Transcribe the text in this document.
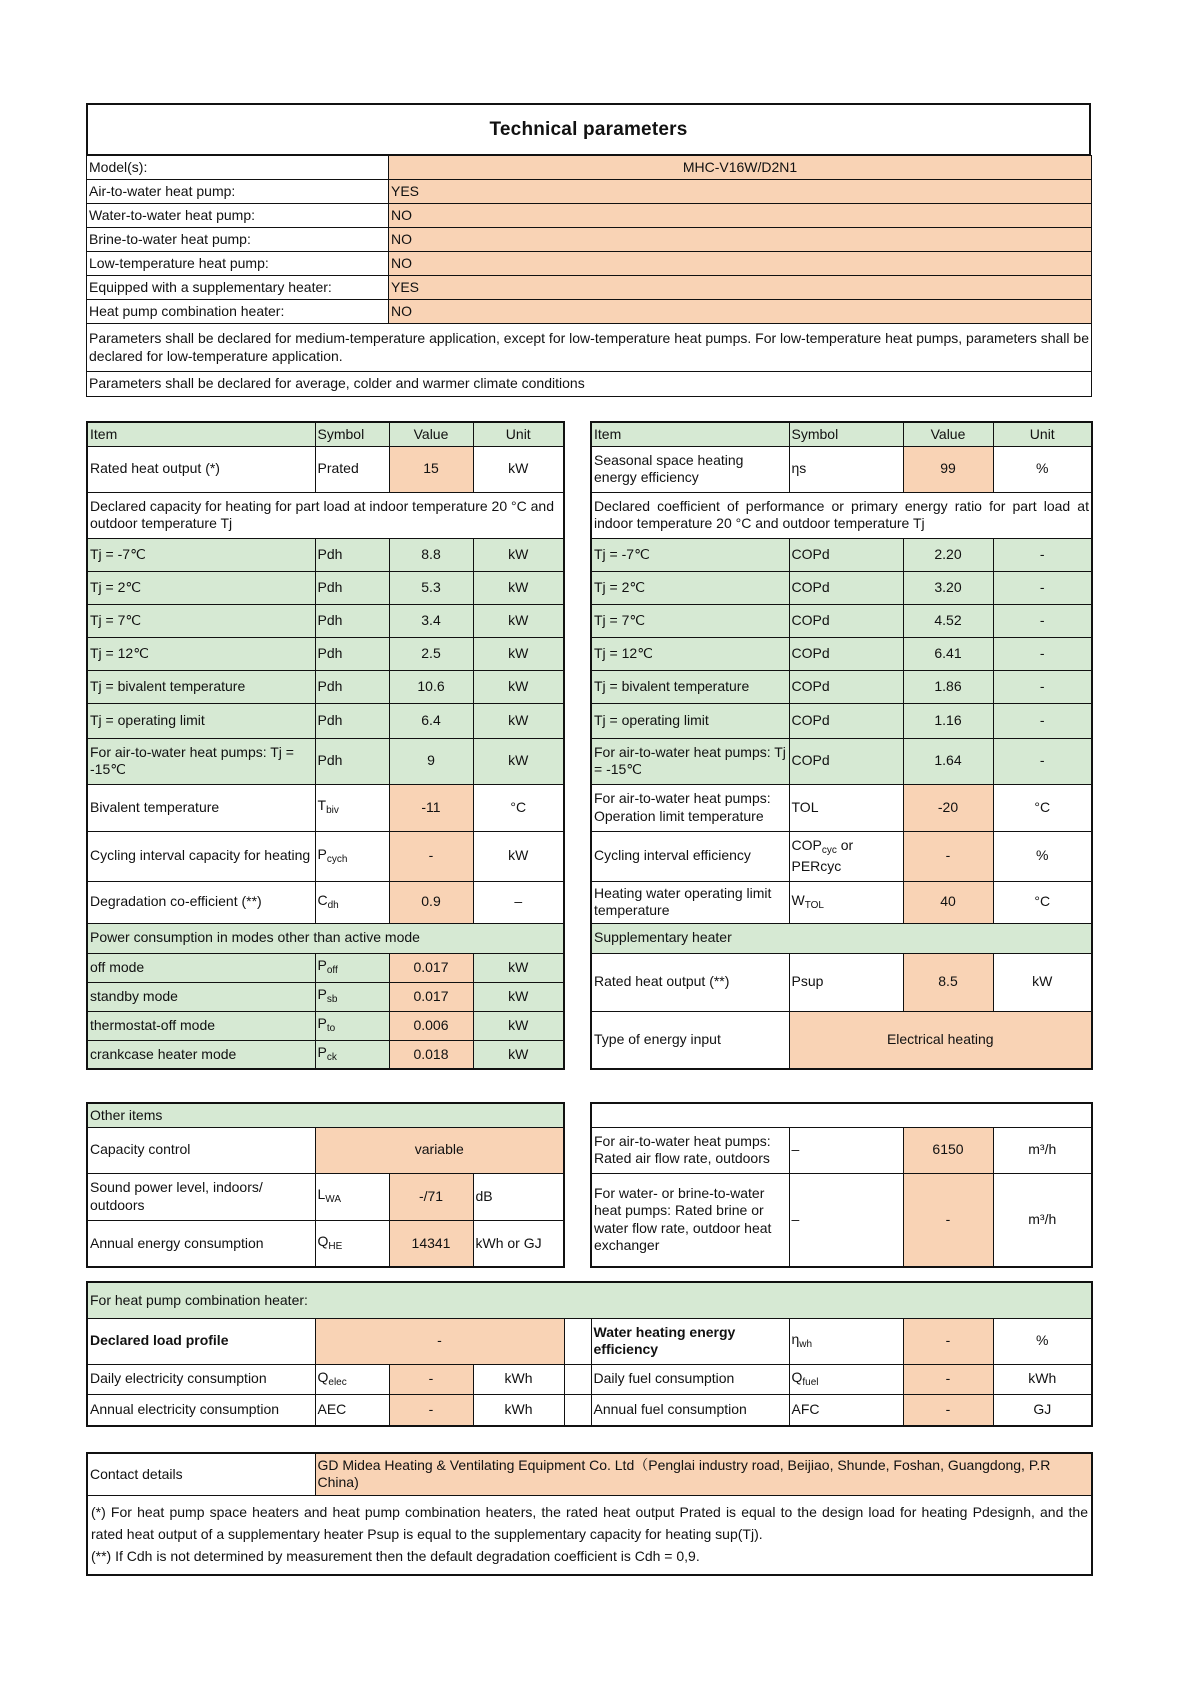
Technical parameters
Model(s):	MHC-V16W/D2N1
Air-to-water heat pump:	YES
Water-to-water heat pump:	NO
Brine-to-water heat pump:	NO
Low-temperature heat pump:	NO
Equipped with a supplementary heater:	YES
Heat pump combination heater:	NO
Parameters shall be declared for medium-temperature application, except for low-temperature heat pumps. For low-temperature heat pumps, parameters shall be declared for low-temperature application.	
Parameters shall be declared for average, colder and warmer climate conditions	
Item	Symbol	Value	Unit
Rated heat output (*)	Prated	15	kW
Declared capacity for heating for part load at indoor temperature 20 °C and outdoor temperature Tj			
Tj = -7℃	Pdh	8.8	kW
Tj = 2℃	Pdh	5.3	kW
Tj = 7℃	Pdh	3.4	kW
Tj = 12℃	Pdh	2.5	kW
Tj = bivalent temperature	Pdh	10.6	kW
Tj = operating limit	Pdh	6.4	kW
For air-to-water heat pumps: Tj = -15℃	Pdh	9	kW
Bivalent temperature	$T_{biv}$	-11	°C
Cycling interval capacity for heating	$P_{cych}$	-	kW
Degradation co-efficient (**)	$C_{dh}$	0.9	–
Power consumption in modes other than active mode			
off mode	$P_{off}$	0.017	kW
standby mode	$P_{sb}$	0.017	kW
thermostat-off mode	$P_{to}$	0.006	kW
crankcase heater mode	$P_{ck}$	0.018	kW
Item	Symbol	Value	Unit
Seasonal space heating energy efficiency	ηs	99	%
Declared coefficient of performance or primary energy ratio for part load at indoor temperature 20 °C and outdoor temperature Tj			
Tj = -7℃	COPd	2.20	-
Tj = 2℃	COPd	3.20	-
Tj = 7℃	COPd	4.52	-
Tj = 12℃	COPd	6.41	-
Tj = bivalent temperature	COPd	1.86	-
Tj = operating limit	COPd	1.16	-
For air-to-water heat pumps: Tj = -15℃	COPd	1.64	-
For air-to-water heat pumps: Operation limit temperature	TOL	-20	°C
Cycling interval efficiency	$COP_{cyc}$ or PERcyc	-	%
Heating water operating limit temperature	$W_{TOL}$	40	°C
Supplementary heater			
Rated heat output (**)	Psup	8.5	kW
Type of energy input	Electrical heating		
Other items			
Capacity control	variable		
Sound power level, indoors/ outdoors	$L_{WA}$	-/71	dB
Annual energy consumption	$Q_{HE}$	14341	kWh or GJ

For air-to-water heat pumps: Rated air flow rate, outdoors	–	6150	m³/h
For water- or brine-to-water heat pumps: Rated brine or water flow rate, outdoor heat exchanger	–	-	m³/h
For heat pump combination heater:								
Declared load profile	-				Water heating energy efficiency	$\eta_{wh}$	-	%
Daily electricity consumption	$Q_{elec}$	-	kWh		Daily fuel consumption	$Q_{fuel}$	-	kWh
Annual electricity consumption	AEC	-	kWh		Annual fuel consumption	AFC	-	GJ
Contact details	GD Midea Heating & Ventilating Equipment Co. Ltd（Penglai industry road, Beijiao, Shunde, Foshan, Guangdong, P.R China)

(*) For heat pump space heaters and heat pump combination heaters, the rated heat output Prated is equal to the design load for heating Pdesignh, and the rated heat output of a supplementary heater Psup is equal to the supplementary capacity for heating sup(Tj).
(**) If Cdh is not determined by measurement then the default degradation coefficient is Cdh = 0,9.
